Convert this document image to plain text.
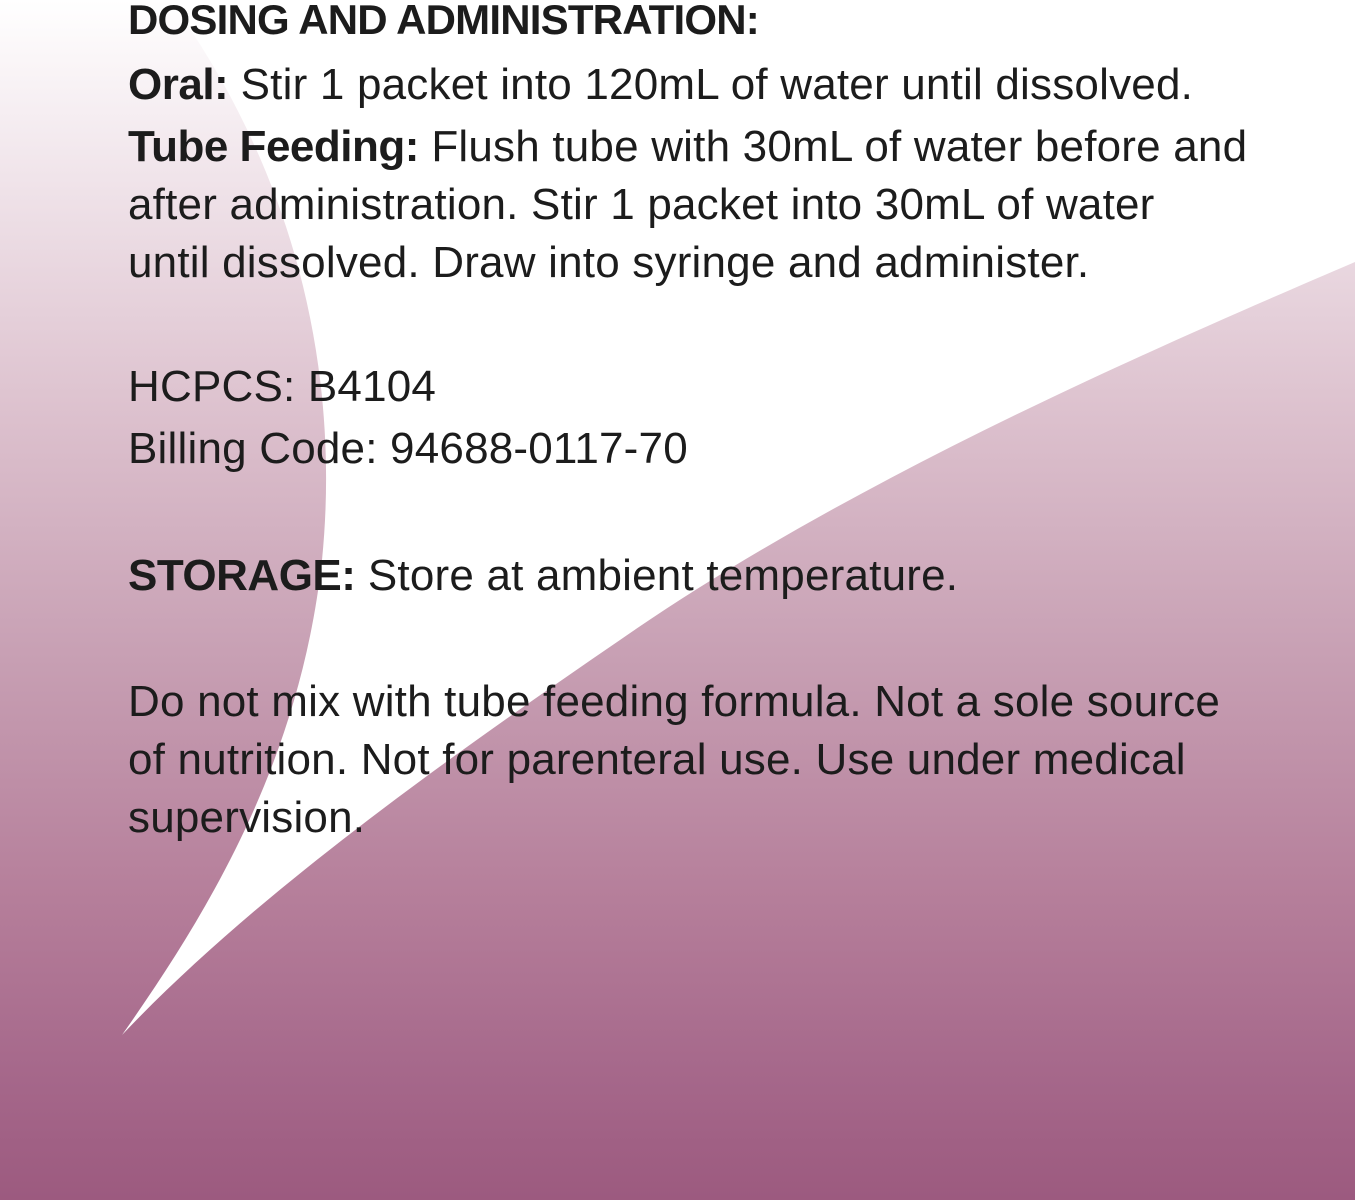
DOSING AND ADMINISTRATION:
Oral: Stir 1 packet into 120mL of water until dissolved.
Tube Feeding: Flush tube with 30mL of water before and
after administration. Stir 1 packet into 30mL of water
until dissolved. Draw into syringe and administer.
HCPCS: B4104
Billing Code: 94688-0117-70
STORAGE: Store at ambient temperature.
Do not mix with tube feeding formula. Not a sole source
of nutrition. Not for parenteral use. Use under medical
supervision.
